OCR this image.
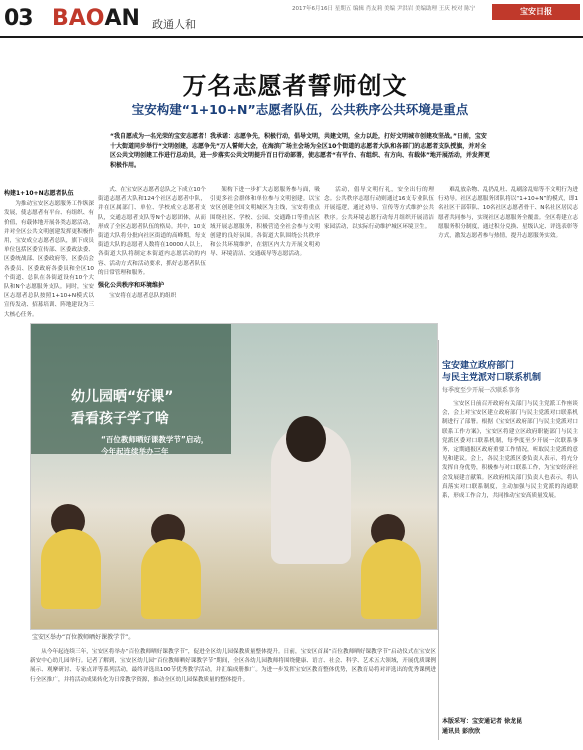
03 BAOAN 政通人和
2017年6月16日 星期五 编辑 肖友莉 美编 尹洪岩 美编助理 王庆 校对 陈宁	宝安日报
万名志愿者誓师创文
宝安构建“1+10+N”志愿者队伍，公共秩序公共环境是重点
“我自愿成为一名光荣的宝安志愿者！我承诺：志愿争先，积极行动，倡导文明，共建文明，全力以赴，打好文明城市创建攻坚战。”日前，宝安十大街道同步举行“文明创建，志愿争先”万人誓师大会，在海滨广场主会场为全区10个街道的志愿者大队和各部门的志愿者支队授旗，并对全区公共文明创建工作进行总动员，进一步落实公共文明提升百日行动部署，使志愿者“有平台、有组织、有方向、有载体”地开展活动，并发挥更积极作用。
构建1+10+N志愿者队伍

为推动宝安区志愿服务工作纵深发展，使志愿者有平台、有组织、有价值，有载体地开展各类志愿活动，并对全区公共文明创建发挥更积极作用，宝安成立志愿者总队，旗下成员单位包括区委宣传部、区委政法委、区委统战部、区委政府等，区委员会各委员、区委政府各委员和全区10个街道、总队在各街道设有10个大队和N个志愿服务支队。同时，宝安区志愿者总队按照1+10+N模式以宣传发动、招募培训、阵地建设为三大核心任务。

式、在宝安区志愿者总队之下成立10个街道志愿者大队和124个社区志愿者中队，并在区属部门、单位、学校成立志愿者支队，交通志愿者支队等N个志愿团体，从而形成了全区志愿者队伍的格局。其中，10支街道大队将分批向社区街道的高峰期，每支街道大队的志愿者人数将在10000人以上，各街道大队将制定本街道内志愿活动的内容、活动方式和活动要求，抓好志愿者队伍的日常管理和服务。

强化公共秩序和环境维护

宝安将在志愿者总队的组织

架构下进一步扩大志愿服务参与面，吸引更多社会群体和单位参与文明创建。以宝安区创建全国文明城区为主线，宝安将重点围绕社区、学校、公园、交通路口等重点区域开展志愿服务，积极营造全社会参与文明创建的良好氛围。各街道大队围绕公共秩序和公共环境维护，在辖区内大力开展文明劝导、环境清洁、交通疏导等志愿活动。

活动，倡导文明行礼，安全出行的理念。公共秩序志愿行动则通过16支专业队伍开展巡逻，通过劝导、宣传等方式维护公共秩序。公共环境志愿行动每月组织开展清洁家园活动，以实际行动维护城区环境卫生。

难乱放杂物、乱扔乱吐、乱刷涂乱贴等不文明行为进行劝导。社区志愿服务团队将以“1+10+N”的模式，即1名社区干部带队、10名社区志愿者骨干、N名社区居民志愿者共同参与，实现社区志愿服务全覆盖。全区将建立志愿服务积分制度，通过积分兑换、星级认定、评选表彰等方式，激发志愿者参与热情，提升志愿服务实效。

幼儿园晒“好课”
看看孩子学了啥
“百位教师晒好课教学节”启动，
今年起连续举办三年
宝安区举办“百位教师晒好课教学节”。

从今年起连续三年，宝安区将举办“百位教师晒好课教学节”，促进全区幼儿园保教质量整体提升。日前，宝安区首届“百位教师晒好课教学节”启动仪式在宝安区新安中心幼儿园举行。记者了解到，宝安区幼儿园“百位教师晒好课教学节”期间，全区各幼儿园教师将围绕健康、语言、社会、科学、艺术五大领域，开展优质课例展示、观摩研讨、专家点评等系列活动，最终评选出100节优秀教学活动，并汇编成册推广。为进一步发挥宝安区教育整体优势，区教育局将对评选出的优秀课例进行全区推广，并将活动成果转化为日常教学资源，推动全区幼儿园保教质量的整体提升。

宝安建立政府部门
与民主党派对口联系机制
每季度至少开展一次联系事务

宝安区日前召开政府有关部门与民主党派工作座谈会，会上对宝安区建立政府部门与民主党派对口联系机制进行了部署。根据《宝安区政府部门与民主党派对口联系工作方案》，宝安区将建立区政府职能部门与民主党派区委对口联系机制，每季度至少开展一次联系事务，定期通报区政府重要工作情况，听取民主党派的意见和建议。会上，各民主党派区委负责人表示，将充分发挥自身优势，积极参与对口联系工作，为宝安经济社会发展建言献策。区政府相关部门负责人也表示，将认真落实对口联系制度，主动加强与民主党派的沟通联系，形成工作合力，共同推动宝安高质量发展。

本版采写：宝安通记者 徐龙昆
通讯员 彭欣欣
